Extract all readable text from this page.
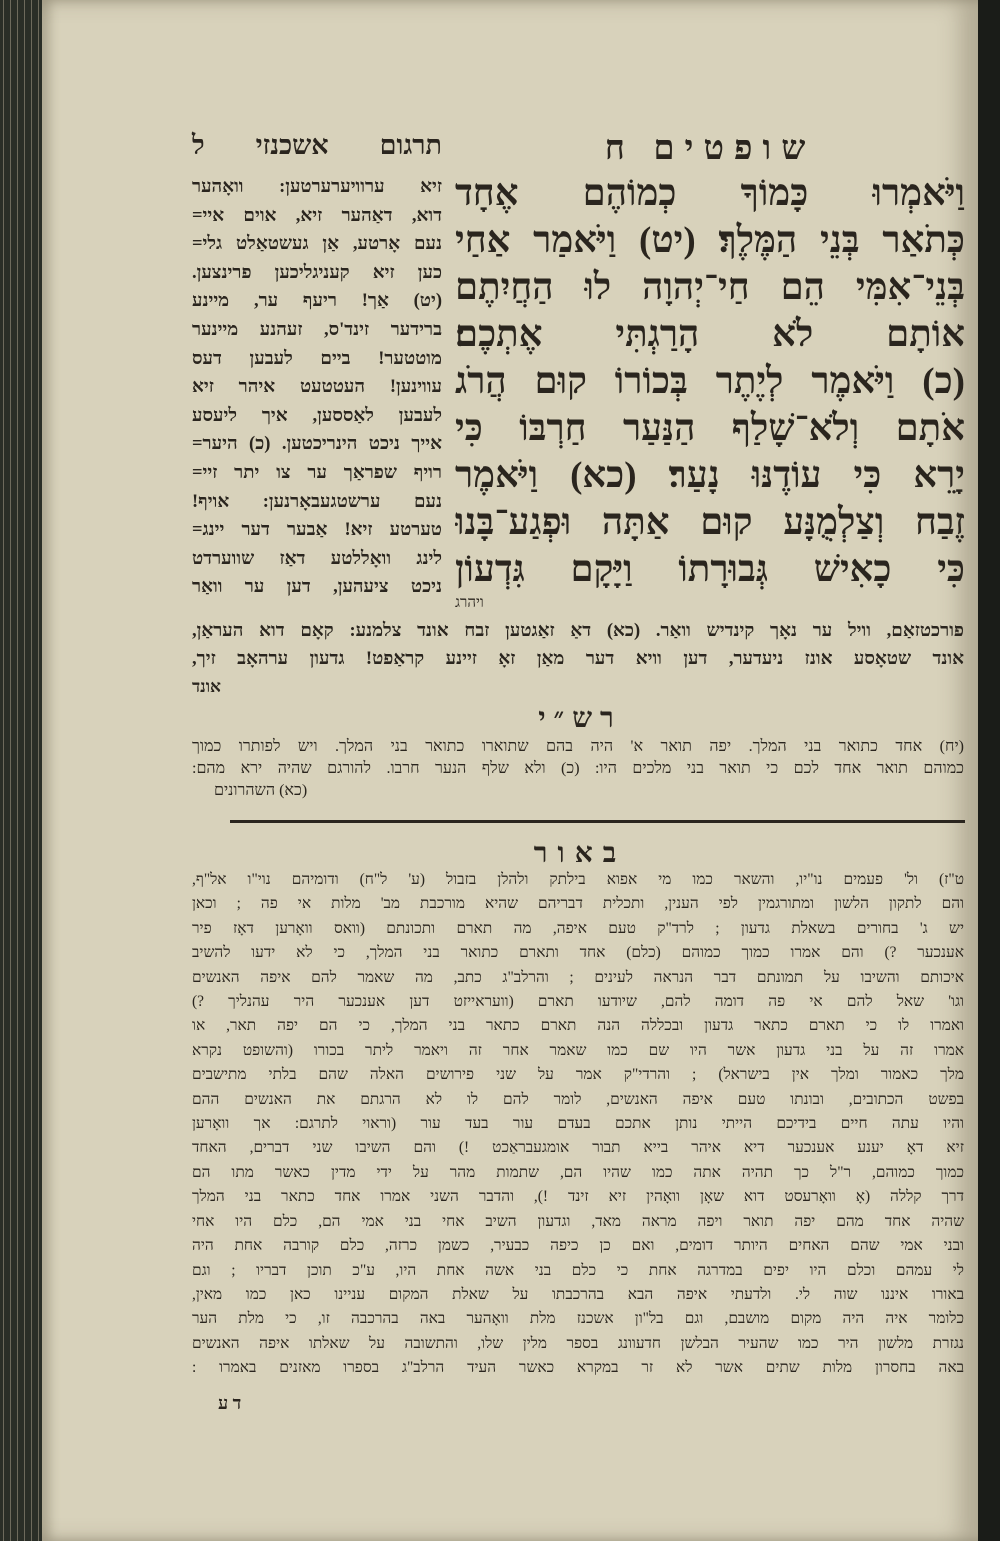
שופטים ח
וַיֹּאמְרוּ כָּמוֹךָ כְמוֹהֶם אֶחָד
כְּתֹאַר בְּנֵי הַמֶּלֶךְ׃ (יט) וַיֹּאמַר אַחַי
בְּנֵי־אִמִּי הֵם חַי־יְהוָה לוּ הַחֲיִתֶם
אוֹתָם לֹא הָרַגְתִּי אֶתְכֶם׃
(כ) וַיֹּאמֶר לְיֶתֶר בְּכוֹרוֹ קוּם הֲרֹג
אֹתָם וְלֹא־שָׁלַף הַנַּעַר חַרְבּוֹ כִּי
יָרֵא כִּי עוֹדֶנּוּ נָעַר׃ (כא) וַיֹּאמֶר
זֶבַח וְצַלְמֻנָּע קוּם אַתָּה וּפְגַע־בָּנוּ
כִּי כָאִישׁ גְּבוּרָתוֹ וַיָּקָם גִּדְעוֹן
ויהרג
תרגום אשכנזי ל
זיא ערוויערערטען: וואָהער
דוא, דאַהער זיא, אוים איי=
נעם אָרטע, אַן געשטאַלט גלי=
כען זיא קעניגליכען פרינצען.
(יט) אַך! ריעף ער, מיינע
ברידער זינד'ס, זעהנע מיינער
מוטטער! ביים לעבען דעס
עווינען! העטטעט איהר זיא
לעבען לאַססען, איך ליעסע
אייך ניכט הינריכטען. (כ) היער=
רויף שפראַך ער צו יתר זיי=
נעם ערשטגעבאָרנען: אויף!
טערטע זיא! אַבער דער יינג=
לינג וואָללטע דאַז שווערדט
ניכט ציעהען, דען ער וואַר
פורכטזאַם, וויל ער נאָך קינדיש וואַר. (כא) דאַ זאַגטען זבח אונד צלמנע: קאָם דוא העראַן,
אונד שטאָסע אונז ניעדער, דען וויא דער מאַן זאָ זיינע קראַפט! גדעון ערהאָב זיך,
אונד
רש״י
(יח) אחד כתואר בני המלך. יפה תואר א' היה בהם שתוארו כתואר בני המלך. ויש לפותרו כמוך
כמוהם תואר אחד לכם כי תואר בני מלכים היו: (כ) ולא שלף הנער חרבו. להורגם שהיה ירא מהם:
(כא) השהרונים
באור
ט"ז) ול' פעמים נו"יו, והשאר כמו מי אפוא בילתק ולהלן בזבול (ע' ל"ח) ודומיהם נוי"ו אל"ף,
והם לתקון הלשון ומתורגמין לפי הענין, ותכלית דבריהם שהיא מורכבת מב' מלות אי פה ; וכאן
יש ג' בחורים בשאלת גדעון ; לרד"ק טעם איפה, מה תארם ותכונתם (וואס וואָרען דאָז פיר
אענכער ?) והם אמרו כמוך כמוהם (כלם) אחד ותארם כתואר בני המלך, כי לא ידעו להשיב
איכותם והשיבו על תמונתם דבר הנראה לעינים ; והרלב"ג כתב, מה שאמר להם איפה האנשים
וגו' שאל להם אי פה דומה להם, שיודעו תארם (וועראייזט דען אענכער היר עהנליך ?)
ואמרו לו כי תארם כתאר גדעון ובכללה הנה תארם כתאר בני המלך, כי הם יפה תאר, או
אמרו זה על בני גדעון אשר היו שם כמו שאמר אחר זה ויאמר ליתר בכורו (והשופט נקרא
מלך כאמור ומלך אין בישראל) ; והרדי"ק אמר על שני פירושים האלה שהם בלתי מתישבים
בפשט הכתובים, ובונתו טעם איפה האנשים, לומר להם לו לא הרגתם את האנשים ההם
והיו עתה חיים בידיכם הייתי נותן אתכם בעדם עור בעד עור (וראוי לתרגם: אך וואָרען
זיא דאָ יענע אענכער דיא איהר בייא תבור אומגעבראַכט !) והם השיבו שני דברים, האחד
כמוך כמוהם, ר"ל כך תהיה אתה כמו שהיו הם, שתמות מהר על ידי מדין כאשר מתו הם
דרך קללה (אָ וואָרעסט דוא שאָן וואָהין זיא זינד !), והדבר השני אמרו אחד כתאר בני המלך
שהיה אחד מהם יפה תואר ויפה מראה מאד, וגדעון השיב אחי בני אמי הם, כלם היו אחי
ובני אמי שהם האחים היותר דומים, ואם כן כיפה כבעיר, כשמן כרזה, כלם קורבה אחת היה
לי עמהם וכלם היו יפים במדרגה אחת כי כלם בני אשה אחת היו, ע"כ תוכן דבריו ; וגם
באורו איננו שוה לי. ולדעתי איפה הבא בהרכבתו על שאלת המקום עניינו כאן כמו מאין,
כלומר איה היה מקום מושבם, וגם בל"ון אשכנז מלת וואָהער באה בהרכבה זו, כי מלת הער
נגזרת מלשון היר כמו שהעיר הבלשן חדעוונג בספר מלין שלו, והתשובה על שאלתו איפה האנשים
באה בחסרון מלות שתים אשר לא זר במקרא כאשר העיד הרלב"ג בספרו מאזנים באמרו :
ד ע
